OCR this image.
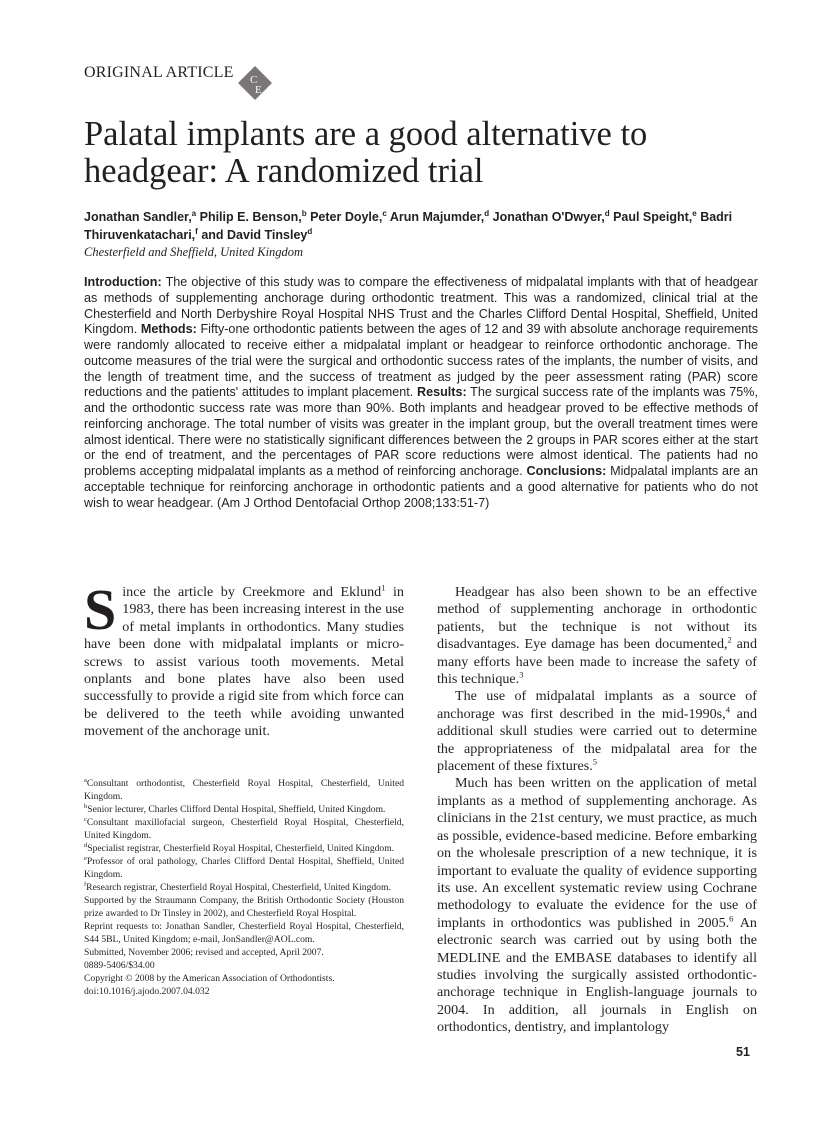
ORIGINAL ARTICLE C
E
Palatal implants are a good alternative to headgear: A randomized trial
Jonathan Sandler,$^a$ Philip E. Benson,$^b$ Peter Doyle,$^c$ Arun Majumder,$^d$ Jonathan O'Dwyer,$^d$ Paul Speight,$^e$ Badri Thiruvenkatachari,$^f$ and David Tinsley$^d$
Chesterfield and Sheffield, United Kingdom
Introduction: The objective of this study was to compare the effectiveness of midpalatal implants with that of headgear as methods of supplementing anchorage during orthodontic treatment. This was a randomized, clinical trial at the Chesterfield and North Derbyshire Royal Hospital NHS Trust and the Charles Clifford Dental Hospital, Sheffield, United Kingdom. Methods: Fifty-one orthodontic patients between the ages of 12 and 39 with absolute anchorage requirements were randomly allocated to receive either a midpalatal implant or headgear to reinforce orthodontic anchorage. The outcome measures of the trial were the surgical and orthodontic success rates of the implants, the number of visits, and the length of treatment time, and the success of treatment as judged by the peer assessment rating (PAR) score reductions and the patients' attitudes to implant placement. Results: The surgical success rate of the implants was 75%, and the orthodontic success rate was more than 90%. Both implants and headgear proved to be effective methods of reinforcing anchorage. The total number of visits was greater in the implant group, but the overall treatment times were almost identical. There were no statistically significant differences between the 2 groups in PAR scores either at the start or the end of treatment, and the percentages of PAR score reductions were almost identical. The patients had no problems accepting midpalatal implants as a method of reinforcing anchorage. Conclusions: Midpalatal implants are an acceptable technique for reinforcing anchorage in orthodontic patients and a good alternative for patients who do not wish to wear headgear. (Am J Orthod Dentofacial Orthop 2008;133:51-7)

Since the article by Creekmore and Eklund$^1$ in 1983, there has been increasing interest in the use of metal implants in orthodontics. Many studies have been done with midpalatal implants or micro-screws to assist various tooth movements. Metal onplants and bone plates have also been used successfully to provide a rigid site from which force can be delivered to the teeth while avoiding unwanted movement of the anchorage unit.

$^a$Consultant orthodontist, Chesterfield Royal Hospital, Chesterfield, United Kingdom.
$^b$Senior lecturer, Charles Clifford Dental Hospital, Sheffield, United Kingdom.
$^c$Consultant maxillofacial surgeon, Chesterfield Royal Hospital, Chesterfield, United Kingdom.
$^d$Specialist registrar, Chesterfield Royal Hospital, Chesterfield, United Kingdom.
$^e$Professor of oral pathology, Charles Clifford Dental Hospital, Sheffield, United Kingdom.
$^f$Research registrar, Chesterfield Royal Hospital, Chesterfield, United Kingdom.
Supported by the Straumann Company, the British Orthodontic Society (Houston prize awarded to Dr Tinsley in 2002), and Chesterfield Royal Hospital.
Reprint requests to: Jonathan Sandler, Chesterfield Royal Hospital, Chesterfield, S44 5BL, United Kingdom; e-mail, JonSandler@AOL.com.
Submitted, November 2006; revised and accepted, April 2007.
0889-5406/$34.00
Copyright © 2008 by the American Association of Orthodontists.
doi:10.1016/j.ajodo.2007.04.032

Headgear has also been shown to be an effective method of supplementing anchorage in orthodontic patients, but the technique is not without its disadvantages. Eye damage has been documented,$^2$ and many efforts have been made to increase the safety of this technique.$^3$

The use of midpalatal implants as a source of anchorage was first described in the mid-1990s,$^4$ and additional skull studies were carried out to determine the appropriateness of the midpalatal area for the placement of these fixtures.$^5$

Much has been written on the application of metal implants as a method of supplementing anchorage. As clinicians in the 21st century, we must practice, as much as possible, evidence-based medicine. Before embarking on the wholesale prescription of a new technique, it is important to evaluate the quality of evidence supporting its use. An excellent systematic review using Cochrane methodology to evaluate the evidence for the use of implants in orthodontics was published in 2005.$^6$ An electronic search was carried out by using both the MEDLINE and the EMBASE databases to identify all studies involving the surgically assisted orthodontic-anchorage technique in English-language journals to 2004. In addition, all journals in English on orthodontics, dentistry, and implantology

51
